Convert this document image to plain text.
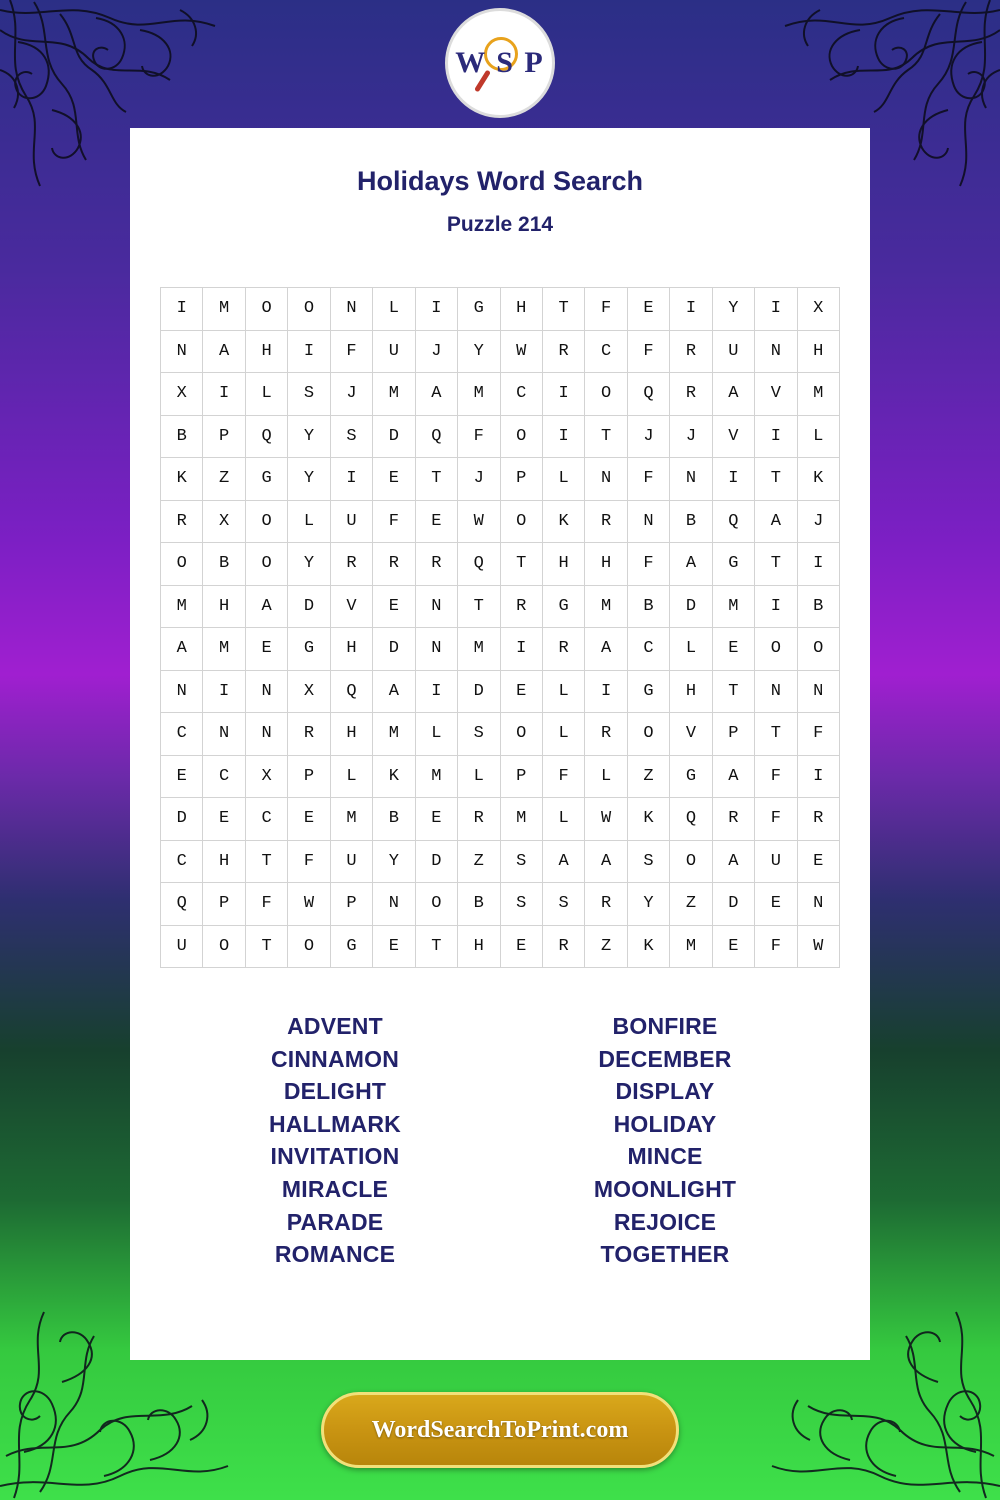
W S P
Holidays Word Search
Puzzle 214
I	M	O	O	N	L	I	G	H	T	F	E	I	Y	I	X
N	A	H	I	F	U	J	Y	W	R	C	F	R	U	N	H
X	I	L	S	J	M	A	M	C	I	O	Q	R	A	V	M
B	P	Q	Y	S	D	Q	F	O	I	T	J	J	V	I	L
K	Z	G	Y	I	E	T	J	P	L	N	F	N	I	T	K
R	X	O	L	U	F	E	W	O	K	R	N	B	Q	A	J
O	B	O	Y	R	R	R	Q	T	H	H	F	A	G	T	I
M	H	A	D	V	E	N	T	R	G	M	B	D	M	I	B
A	M	E	G	H	D	N	M	I	R	A	C	L	E	O	O
N	I	N	X	Q	A	I	D	E	L	I	G	H	T	N	N
C	N	N	R	H	M	L	S	O	L	R	O	V	P	T	F
E	C	X	P	L	K	M	L	P	F	L	Z	G	A	F	I
D	E	C	E	M	B	E	R	M	L	W	K	Q	R	F	R
C	H	T	F	U	Y	D	Z	S	A	A	S	O	A	U	E
Q	P	F	W	P	N	O	B	S	S	R	Y	Z	D	E	N
U	O	T	O	G	E	T	H	E	R	Z	K	M	E	F	W
ADVENT
CINNAMON
DELIGHT
HALLMARK
INVITATION
MIRACLE
PARADE
ROMANCE
BONFIRE
DECEMBER
DISPLAY
HOLIDAY
MINCE
MOONLIGHT
REJOICE
TOGETHER
WordSearchToPrint.com
